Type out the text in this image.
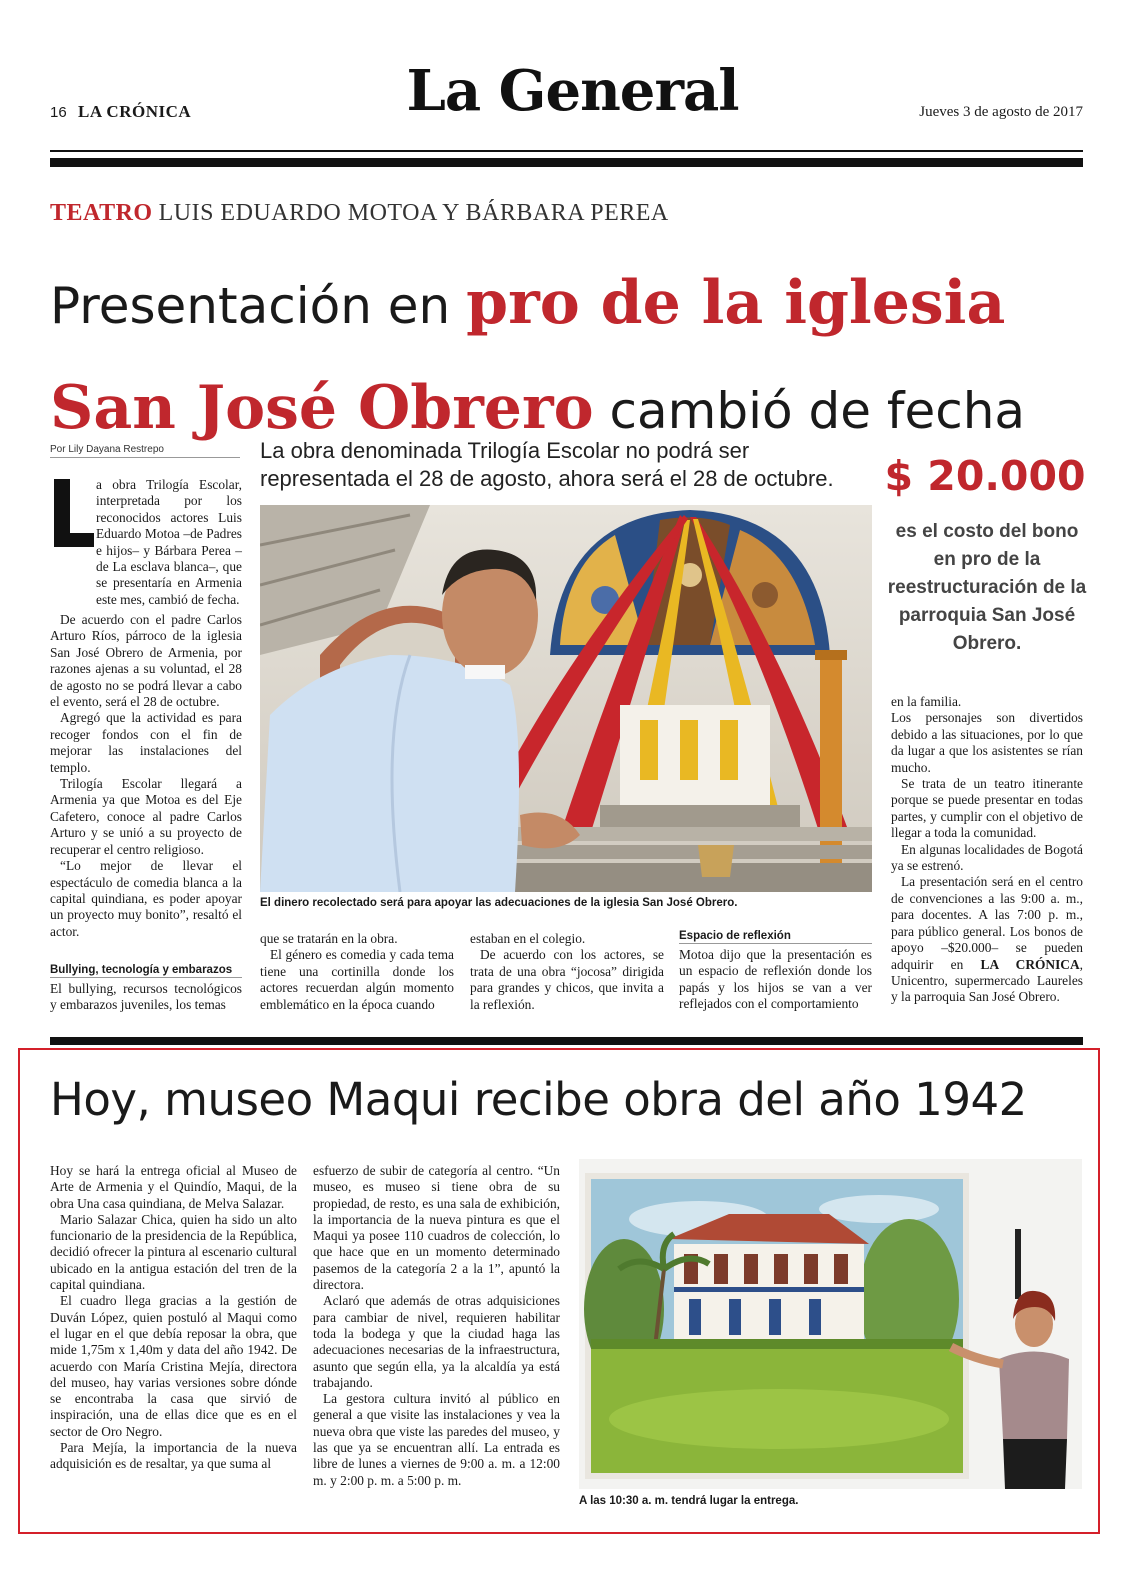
16 LA CRÓNICA	La General	Jueves 3 de agosto de 2017
TEATRO LUIS EDUARDO MOTOA Y BÁRBARA PEREA
Presentación en pro de la iglesia San José Obrero cambió de fecha
Por Lily Dayana Restrepo

a obra Trilogía Escolar, interpretada por los reconocidos actores Luis Eduardo Motoa –de Padres e hijos– y Bárbara Perea –de La esclava blanca–, que se presentaría en Armenia este mes, cambió de fecha.

De acuerdo con el padre Carlos Arturo Ríos, párroco de la iglesia San José Obrero de Armenia, por razones ajenas a su voluntad, el 28 de agosto no se podrá llevar a cabo el evento, será el 28 de octubre.

Agregó que la actividad es para recoger fondos con el fin de mejorar las instalaciones del templo.

Trilogía Escolar llegará a Armenia ya que Motoa es del Eje Cafetero, conoce al padre Carlos Arturo y se unió a su proyecto de recuperar el centro religioso.

“Lo mejor de llevar el espectáculo de comedia blanca a la capital quindiana, es poder apoyar un proyecto muy bonito”, resaltó el actor.

Bullying, tecnología y embarazos

El bullying, recursos tecnológicos y embarazos juveniles, los temas

La obra denominada Trilogía Escolar no podrá ser representada el 28 de agosto, ahora será el 28 de octubre.
El dinero recolectado será para apoyar las adecuaciones de la iglesia San José Obrero.

que se tratarán en la obra.

El género es comedia y cada tema tiene una cortinilla donde los actores recuerdan algún momento emblemático en la época cuando

estaban en el colegio.

De acuerdo con los actores, se trata de una obra “jocosa” dirigida para grandes y chicos, que invita a la reflexión.

Espacio de reflexión

Motoa dijo que la presentación es un espacio de reflexión donde los papás y los hijos se van a ver reflejados con el comportamiento

$ 20.000
es el costo del bono en pro de la reestructuración de la parroquia San José Obrero.

en la familia.

Los personajes son divertidos debido a las situaciones, por lo que da lugar a que los asistentes se rían mucho.

Se trata de un teatro itinerante porque se puede presentar en todas partes, y cumplir con el objetivo de llegar a toda la comunidad.

En algunas localidades de Bogotá ya se estrenó.

La presentación será en el centro de convenciones a las 9:00 a. m., para docentes. A las 7:00 p. m., para público general. Los bonos de apoyo –$20.000– se pueden adquirir en LA CRÓNICA, Unicentro, supermercado Laureles y la parroquia San José Obrero.

Hoy, museo Maqui recibe obra del año 1942

Hoy se hará la entrega oficial al Museo de Arte de Armenia y el Quindío, Maqui, de la obra Una casa quindiana, de Melva Salazar.

Mario Salazar Chica, quien ha sido un alto funcionario de la presidencia de la República, decidió ofrecer la pintura al escenario cultural ubicado en la antigua estación del tren de la capital quindiana.

El cuadro llega gracias a la gestión de Duván López, quien postuló al Maqui como el lugar en el que debía reposar la obra, que mide 1,75m x 1,40m y data del año 1942. De acuerdo con María Cristina Mejía, directora del museo, hay varias versiones sobre dónde se encontraba la casa que sirvió de inspiración, una de ellas dice que es en el sector de Oro Negro.

Para Mejía, la importancia de la nueva adquisición es de resaltar, ya que suma al

esfuerzo de subir de categoría al centro. “Un museo, es museo si tiene obra de su propiedad, de resto, es una sala de exhibición, la importancia de la nueva pintura es que el Maqui ya posee 110 cuadros de colección, lo que hace que en un momento determinado pasemos de la categoría 2 a la 1”, apuntó la directora.

Aclaró que además de otras adquisiciones para cambiar de nivel, requieren habilitar toda la bodega y que la ciudad haga las adecuaciones necesarias de la infraestructura, asunto que según ella, ya la alcaldía ya está trabajando.

La gestora cultura invitó al público en general a que visite las instalaciones y vea la nueva obra que viste las paredes del museo, y las que ya se encuentran allí. La entrada es libre de lunes a viernes de 9:00 a. m. a 12:00 m. y 2:00 p. m. a 5:00 p. m.

A las 10:30 a. m. tendrá lugar la entrega.
